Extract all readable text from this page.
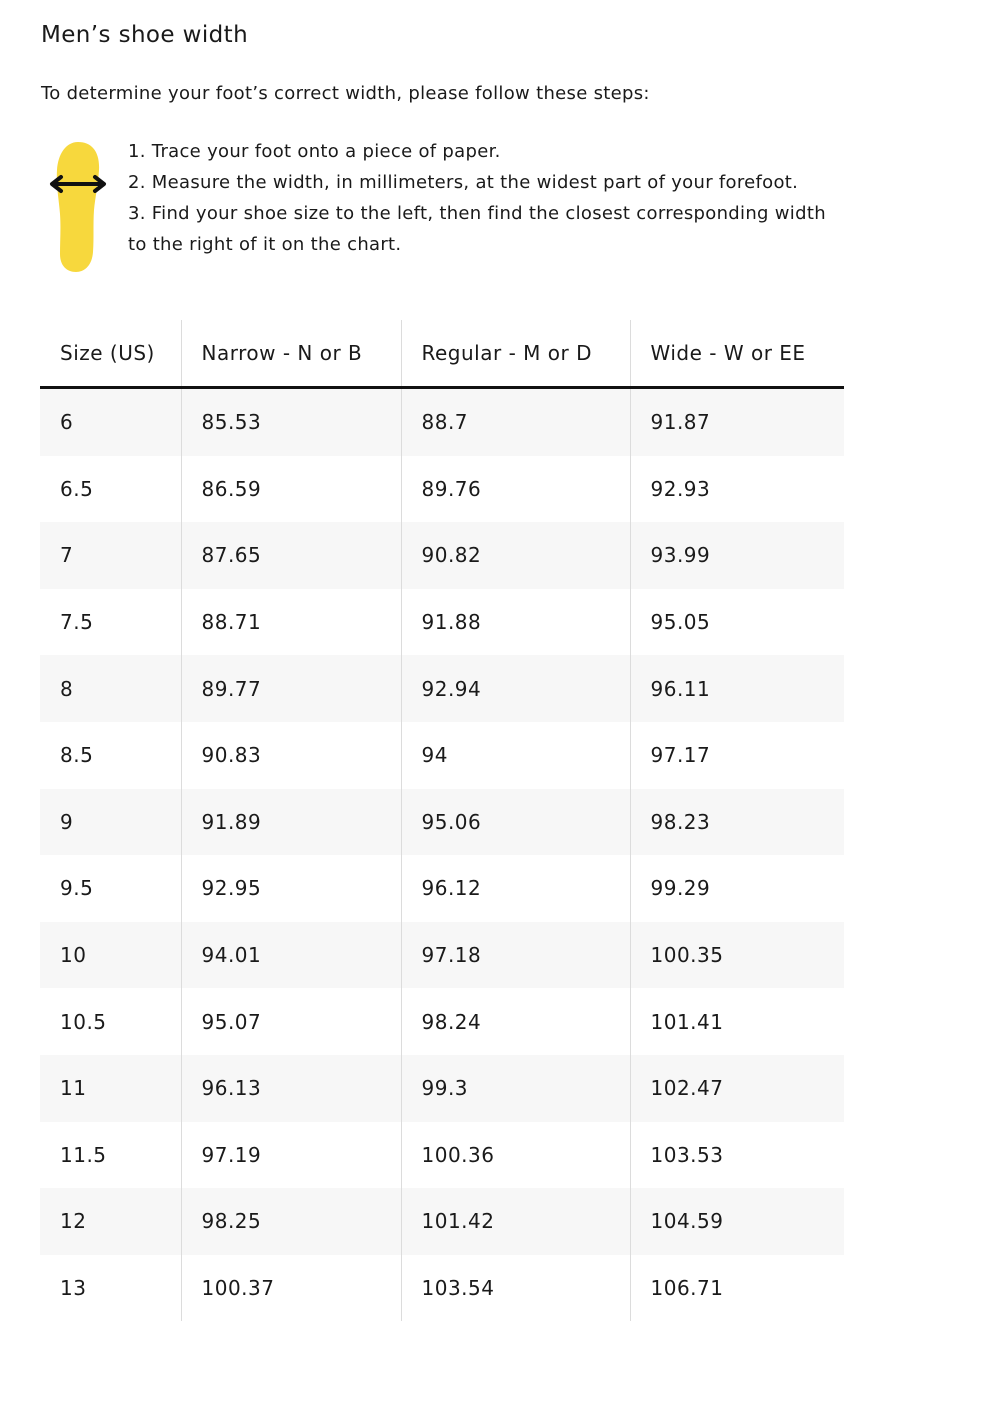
Men’s shoe width

To determine your foot’s correct width, please follow these steps:

1. Trace your foot onto a piece of paper.
2. Measure the width, in millimeters, at the widest part of your forefoot.
3. Find your shoe size to the left, then find the closest corresponding width to the right of it on the chart.
Size (US)	Narrow - N or B	Regular - M or D	Wide - W or EE
6	85.53	88.7	91.87
6.5	86.59	89.76	92.93
7	87.65	90.82	93.99
7.5	88.71	91.88	95.05
8	89.77	92.94	96.11
8.5	90.83	94	97.17
9	91.89	95.06	98.23
9.5	92.95	96.12	99.29
10	94.01	97.18	100.35
10.5	95.07	98.24	101.41
11	96.13	99.3	102.47
11.5	97.19	100.36	103.53
12	98.25	101.42	104.59
13	100.37	103.54	106.71
